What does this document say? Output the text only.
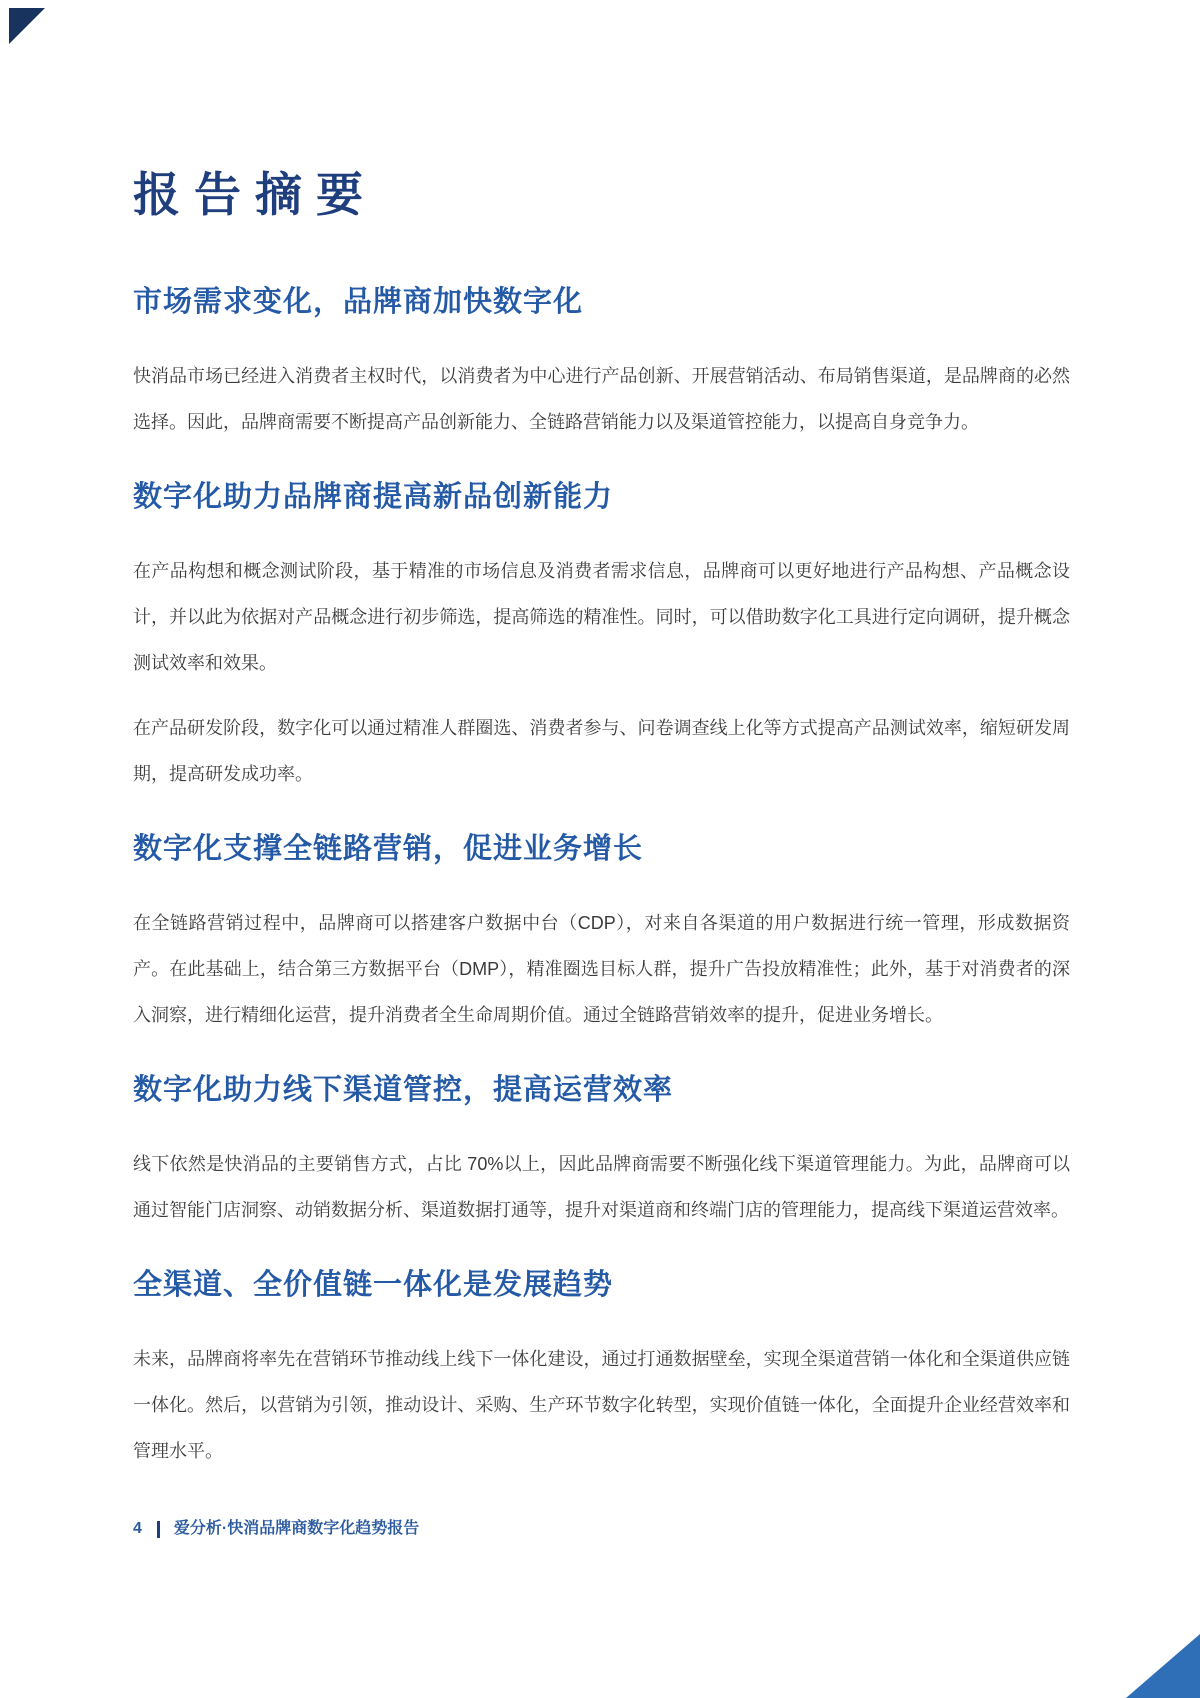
报告摘要
市场需求变化，品牌商加快数字化

快消品市场已经进入消费者主权时代，以消费者为中心进行产品创新、开展营销活动、布局销售渠道，是品牌商的必然选择。因此，品牌商需要不断提高产品创新能力、全链路营销能力以及渠道管控能力，以提高自身竞争力。

数字化助力品牌商提高新品创新能力

在产品构想和概念测试阶段，基于精准的市场信息及消费者需求信息，品牌商可以更好地进行产品构想、产品概念设计，并以此为依据对产品概念进行初步筛选，提高筛选的精准性。同时，可以借助数字化工具进行定向调研，提升概念测试效率和效果。

在产品研发阶段，数字化可以通过精准人群圈选、消费者参与、问卷调查线上化等方式提高产品测试效率，缩短研发周期，提高研发成功率。

数字化支撑全链路营销，促进业务增长

在全链路营销过程中，品牌商可以搭建客户数据中台（CDP），对来自各渠道的用户数据进行统一管理，形成数据资产。在此基础上，结合第三方数据平台（DMP），精准圈选目标人群，提升广告投放精准性；此外，基于对消费者的深入洞察，进行精细化运营，提升消费者全生命周期价值。通过全链路营销效率的提升，促进业务增长。

数字化助力线下渠道管控，提高运营效率

线下依然是快消品的主要销售方式，占比 70%以上，因此品牌商需要不断强化线下渠道管理能力。为此，品牌商可以通过智能门店洞察、动销数据分析、渠道数据打通等，提升对渠道商和终端门店的管理能力，提高线下渠道运营效率。

全渠道、全价值链一体化是发展趋势

未来，品牌商将率先在营销环节推动线上线下一体化建设，通过打通数据壁垒，实现全渠道营销一体化和全渠道供应链一体化。然后，以营销为引领，推动设计、采购、生产环节数字化转型，实现价值链一体化，全面提升企业经营效率和管理水平。

4 爱分析·快消品牌商数字化趋势报告
